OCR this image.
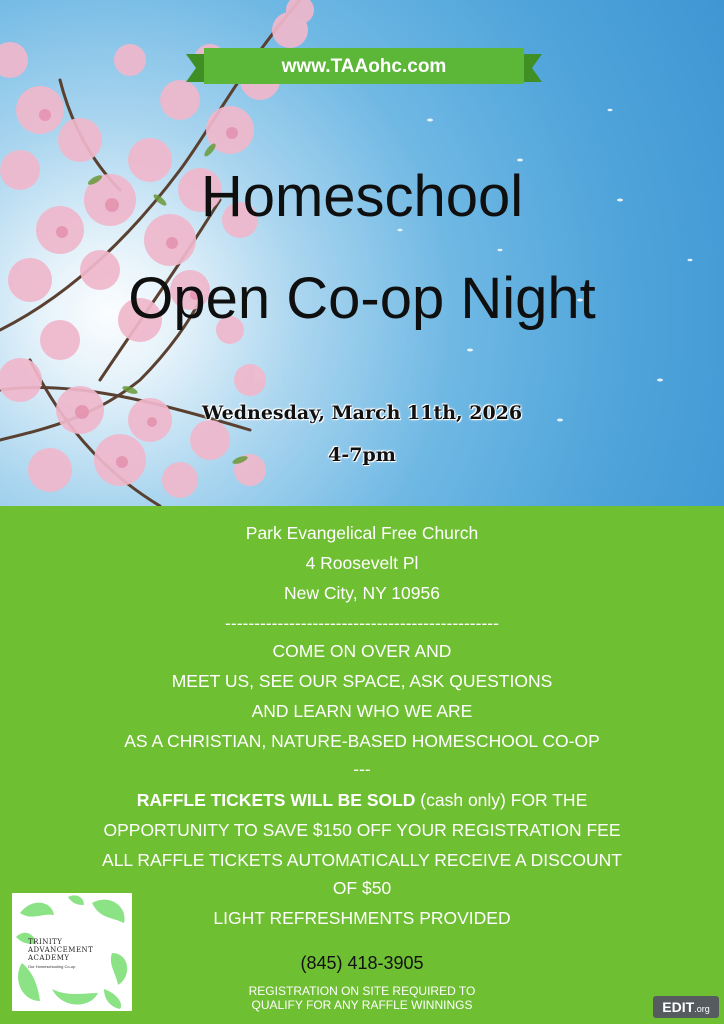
www.TAAohc.com
Homeschool
Open Co-op Night
Wednesday, March 11th, 2026
4-7pm
Park Evangelical Free Church
4 Roosevelt Pl
New City, NY 10956
-----------------------------------------------
COME ON OVER AND
MEET US, SEE OUR SPACE, ASK QUESTIONS
AND LEARN WHO WE ARE
AS A CHRISTIAN, NATURE-BASED HOMESCHOOL CO-OP
---
RAFFLE TICKETS WILL BE SOLD (cash only) FOR THE
OPPORTUNITY TO SAVE $150 OFF YOUR REGISTRATION FEE
ALL RAFFLE TICKETS AUTOMATICALLY RECEIVE A DISCOUNT
OF $50
LIGHT REFRESHMENTS PROVIDED
(845) 418-3905
REGISTRATION ON SITE REQUIRED TO
QUALIFY FOR ANY RAFFLE WINNINGS
TRINITY
ADVANCEMENT
ACADEMY
Our Homeschooling Co-op
EDIT.org
